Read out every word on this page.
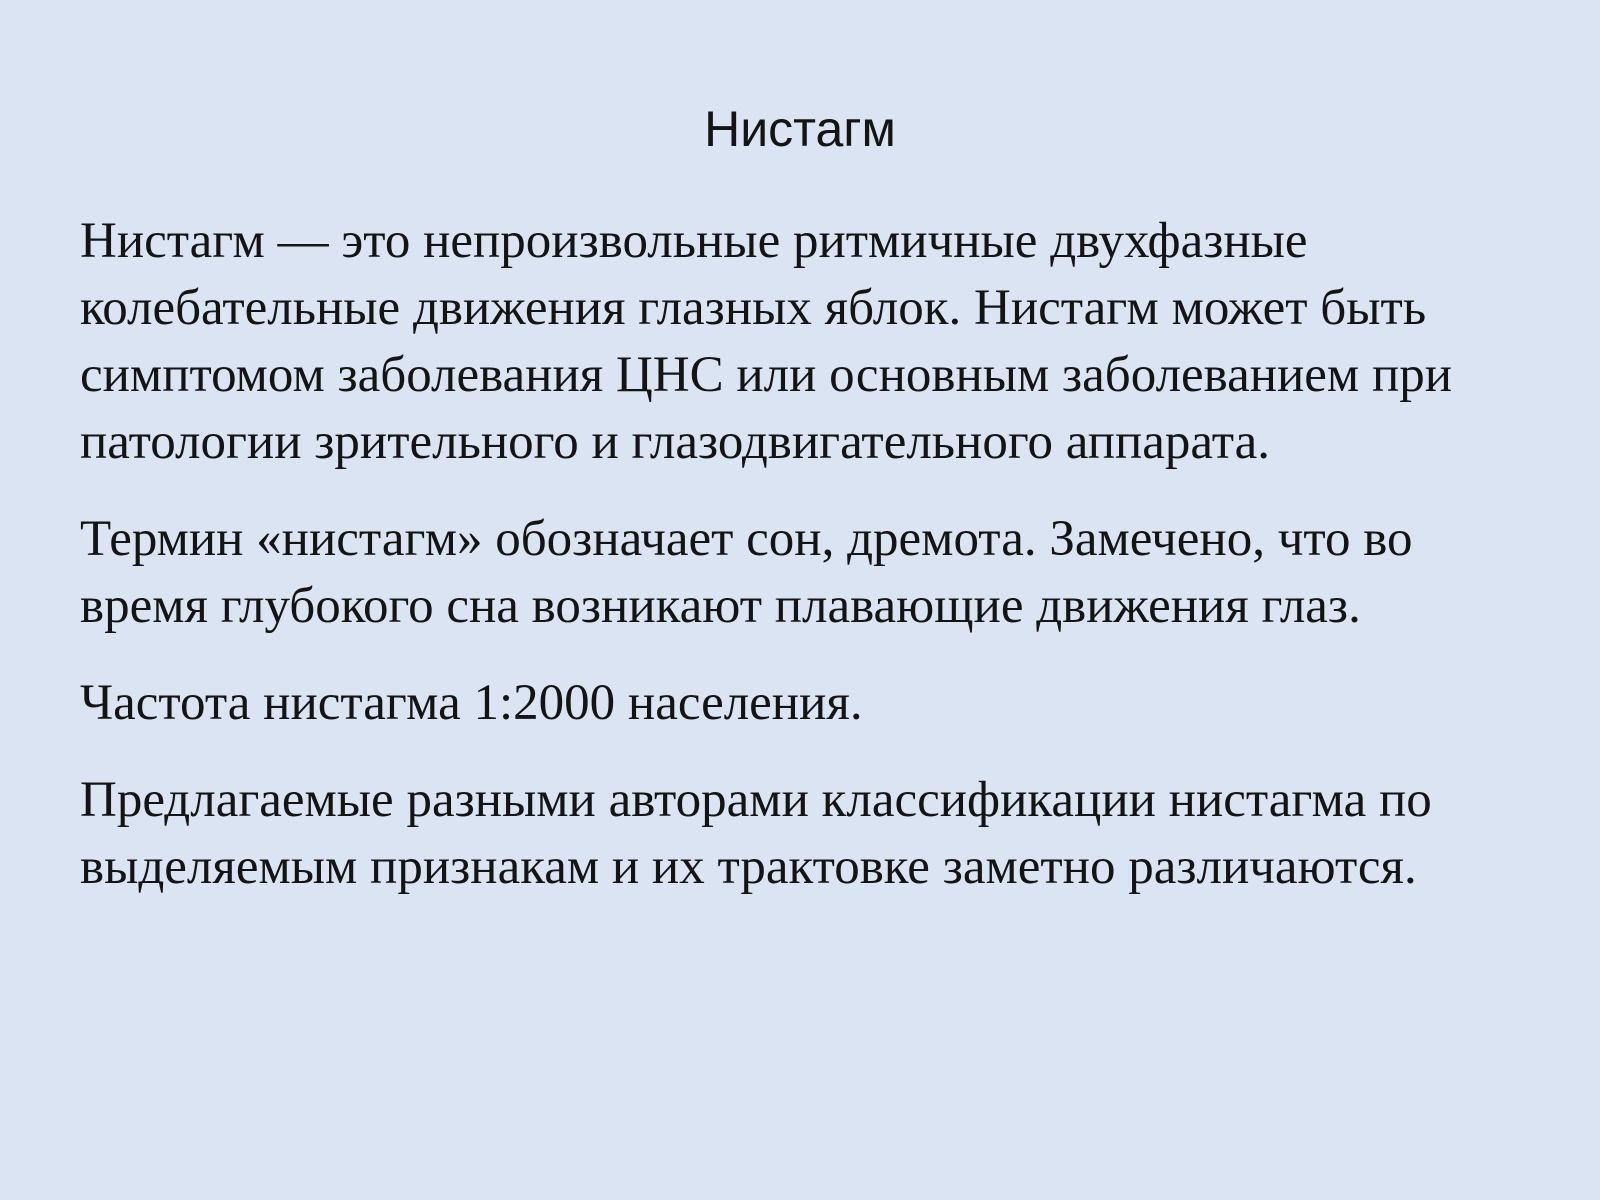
Нистагм

Нистагм — это непроизвольные ритмичные двухфазные колебательные движения глазных яблок. Нистагм может быть симптомом заболевания ЦНС или основным заболеванием при патологии зрительного и глазодвигательного аппарата.

Термин «нистагм» обозначает сон, дремота. Замечено, что во время глубокого сна возникают плавающие движения глаз.

Частота нистагма 1:2000 населения.

Предлагаемые разными авторами классификации нистагма по выделяемым признакам и их трактовке заметно различаются.
